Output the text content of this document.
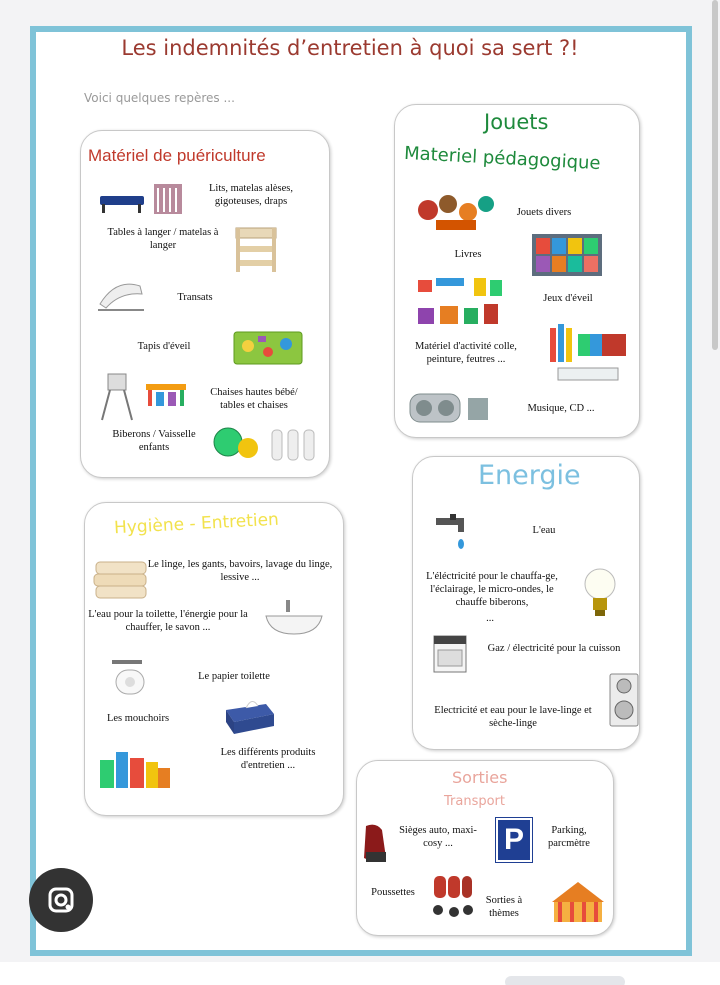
Les indemnités d’entretien à quoi sa sert ?!
Voici quelques repères ...
Matériel de puériculture
Lits, matelas alèses, gigoteuses, draps
Tables à langer / matelas à langer
Transats
Tapis d'éveil
Chaises hautes bébé/ tables et chaises
Biberons / Vaisselle enfants
Jouets
Materiel pédagogique
Jouets divers
Livres
Jeux d'éveil
Matériel d'activité colle, peinture, feutres ...
Musique, CD ...
Hygiène - Entretien
Le linge, les gants, bavoirs, lavage du linge, lessive ...
L'eau pour la toilette, l'énergie pour la chauffer, le savon ...
Le papier toilette
Les mouchoirs
Les différents produits d'entretien ...
Energie
L'eau
L'éléctricité pour le chauffa-ge, l'éclairage, le micro-ondes, le chauffe biberons,
...
Gaz / électricité pour la cuisson
Electricité et eau pour le lave-linge et sèche-linge
Sorties
Transport
Sièges auto, maxi-cosy ...	P	Parking, parcmètre
Poussettes
Sorties à thèmes
